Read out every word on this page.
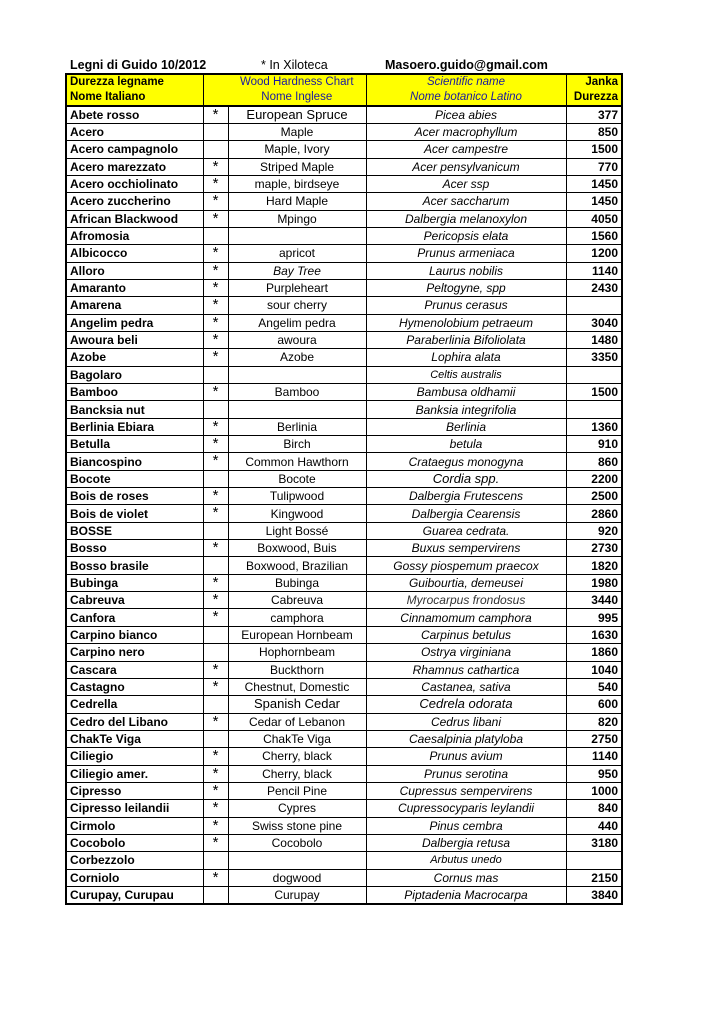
Legni di Guido 10/2012	* In Xiloteca	Masoero.guido@gmail.com
Durezza legname		Wood Hardness Chart	Scientific name	Janka
Nome Italiano		Nome Inglese	Nome botanico Latino	Durezza
Abete rosso	*	European Spruce	Picea abies	377
Acero		Maple	Acer macrophyllum	850
Acero campagnolo		Maple, Ivory	Acer campestre	1500
Acero marezzato	*	Striped Maple	Acer pensylvanicum	770
Acero occhiolinato	*	maple, birdseye	Acer ssp	1450
Acero zuccherino	*	Hard Maple	Acer saccharum	1450
African Blackwood	*	Mpingo	Dalbergia melanoxylon	4050
Afromosia			Pericopsis elata	1560
Albicocco	*	apricot	Prunus armeniaca	1200
Alloro	*	Bay Tree	Laurus nobilis	1140
Amaranto	*	Purpleheart	Peltogyne, spp	2430
Amarena	*	sour cherry	Prunus cerasus	
Angelim pedra	*	Angelim pedra	Hymenolobium petraeum	3040
Awoura beli	*	awoura	Paraberlinia Bifoliolata	1480
Azobe	*	Azobe	Lophira alata	3350
Bagolaro			Celtis australis	
Bamboo	*	Bamboo	Bambusa oldhamii	1500
Bancksia nut			Banksia integrifolia	
Berlinia Ebiara	*	Berlinia	Berlinia	1360
Betulla	*	Birch	betula	910
Biancospino	*	Common Hawthorn	Crataegus monogyna	860
Bocote		Bocote	Cordia spp.	2200
Bois de roses	*	Tulipwood	Dalbergia Frutescens	2500
Bois de violet	*	Kingwood	Dalbergia Cearensis	2860
BOSSE		Light Bossé	Guarea cedrata.	920
Bosso	*	Boxwood, Buis	Buxus sempervirens	2730
Bosso brasile		Boxwood, Brazilian	Gossy piospemum praecox	1820
Bubinga	*	Bubinga	Guibourtia, demeusei	1980
Cabreuva	*	Cabreuva	Myrocarpus frondosus	3440
Canfora	*	camphora	Cinnamomum camphora	995
Carpino bianco		European Hornbeam	Carpinus betulus	1630
Carpino nero		Hophornbeam	Ostrya virginiana	1860
Cascara	*	Buckthorn	Rhamnus cathartica	1040
Castagno	*	Chestnut, Domestic	Castanea, sativa	540
Cedrella		Spanish Cedar	Cedrela odorata	600
Cedro del Libano	*	Cedar of Lebanon	Cedrus libani	820
ChakTe Viga		ChakTe Viga	Caesalpinia platyloba	2750
Ciliegio	*	Cherry, black	Prunus avium	1140
Ciliegio amer.	*	Cherry, black	Prunus serotina	950
Cipresso	*	Pencil Pine	Cupressus sempervirens	1000
Cipresso leilandii	*	Cypres	Cupressocyparis leylandii	840
Cirmolo	*	Swiss stone pine	Pinus cembra	440
Cocobolo	*	Cocobolo	Dalbergia retusa	3180
Corbezzolo			Arbutus unedo	
Corniolo	*	dogwood	Cornus mas	2150
Curupay, Curupau		Curupay	Piptadenia Macrocarpa	3840
